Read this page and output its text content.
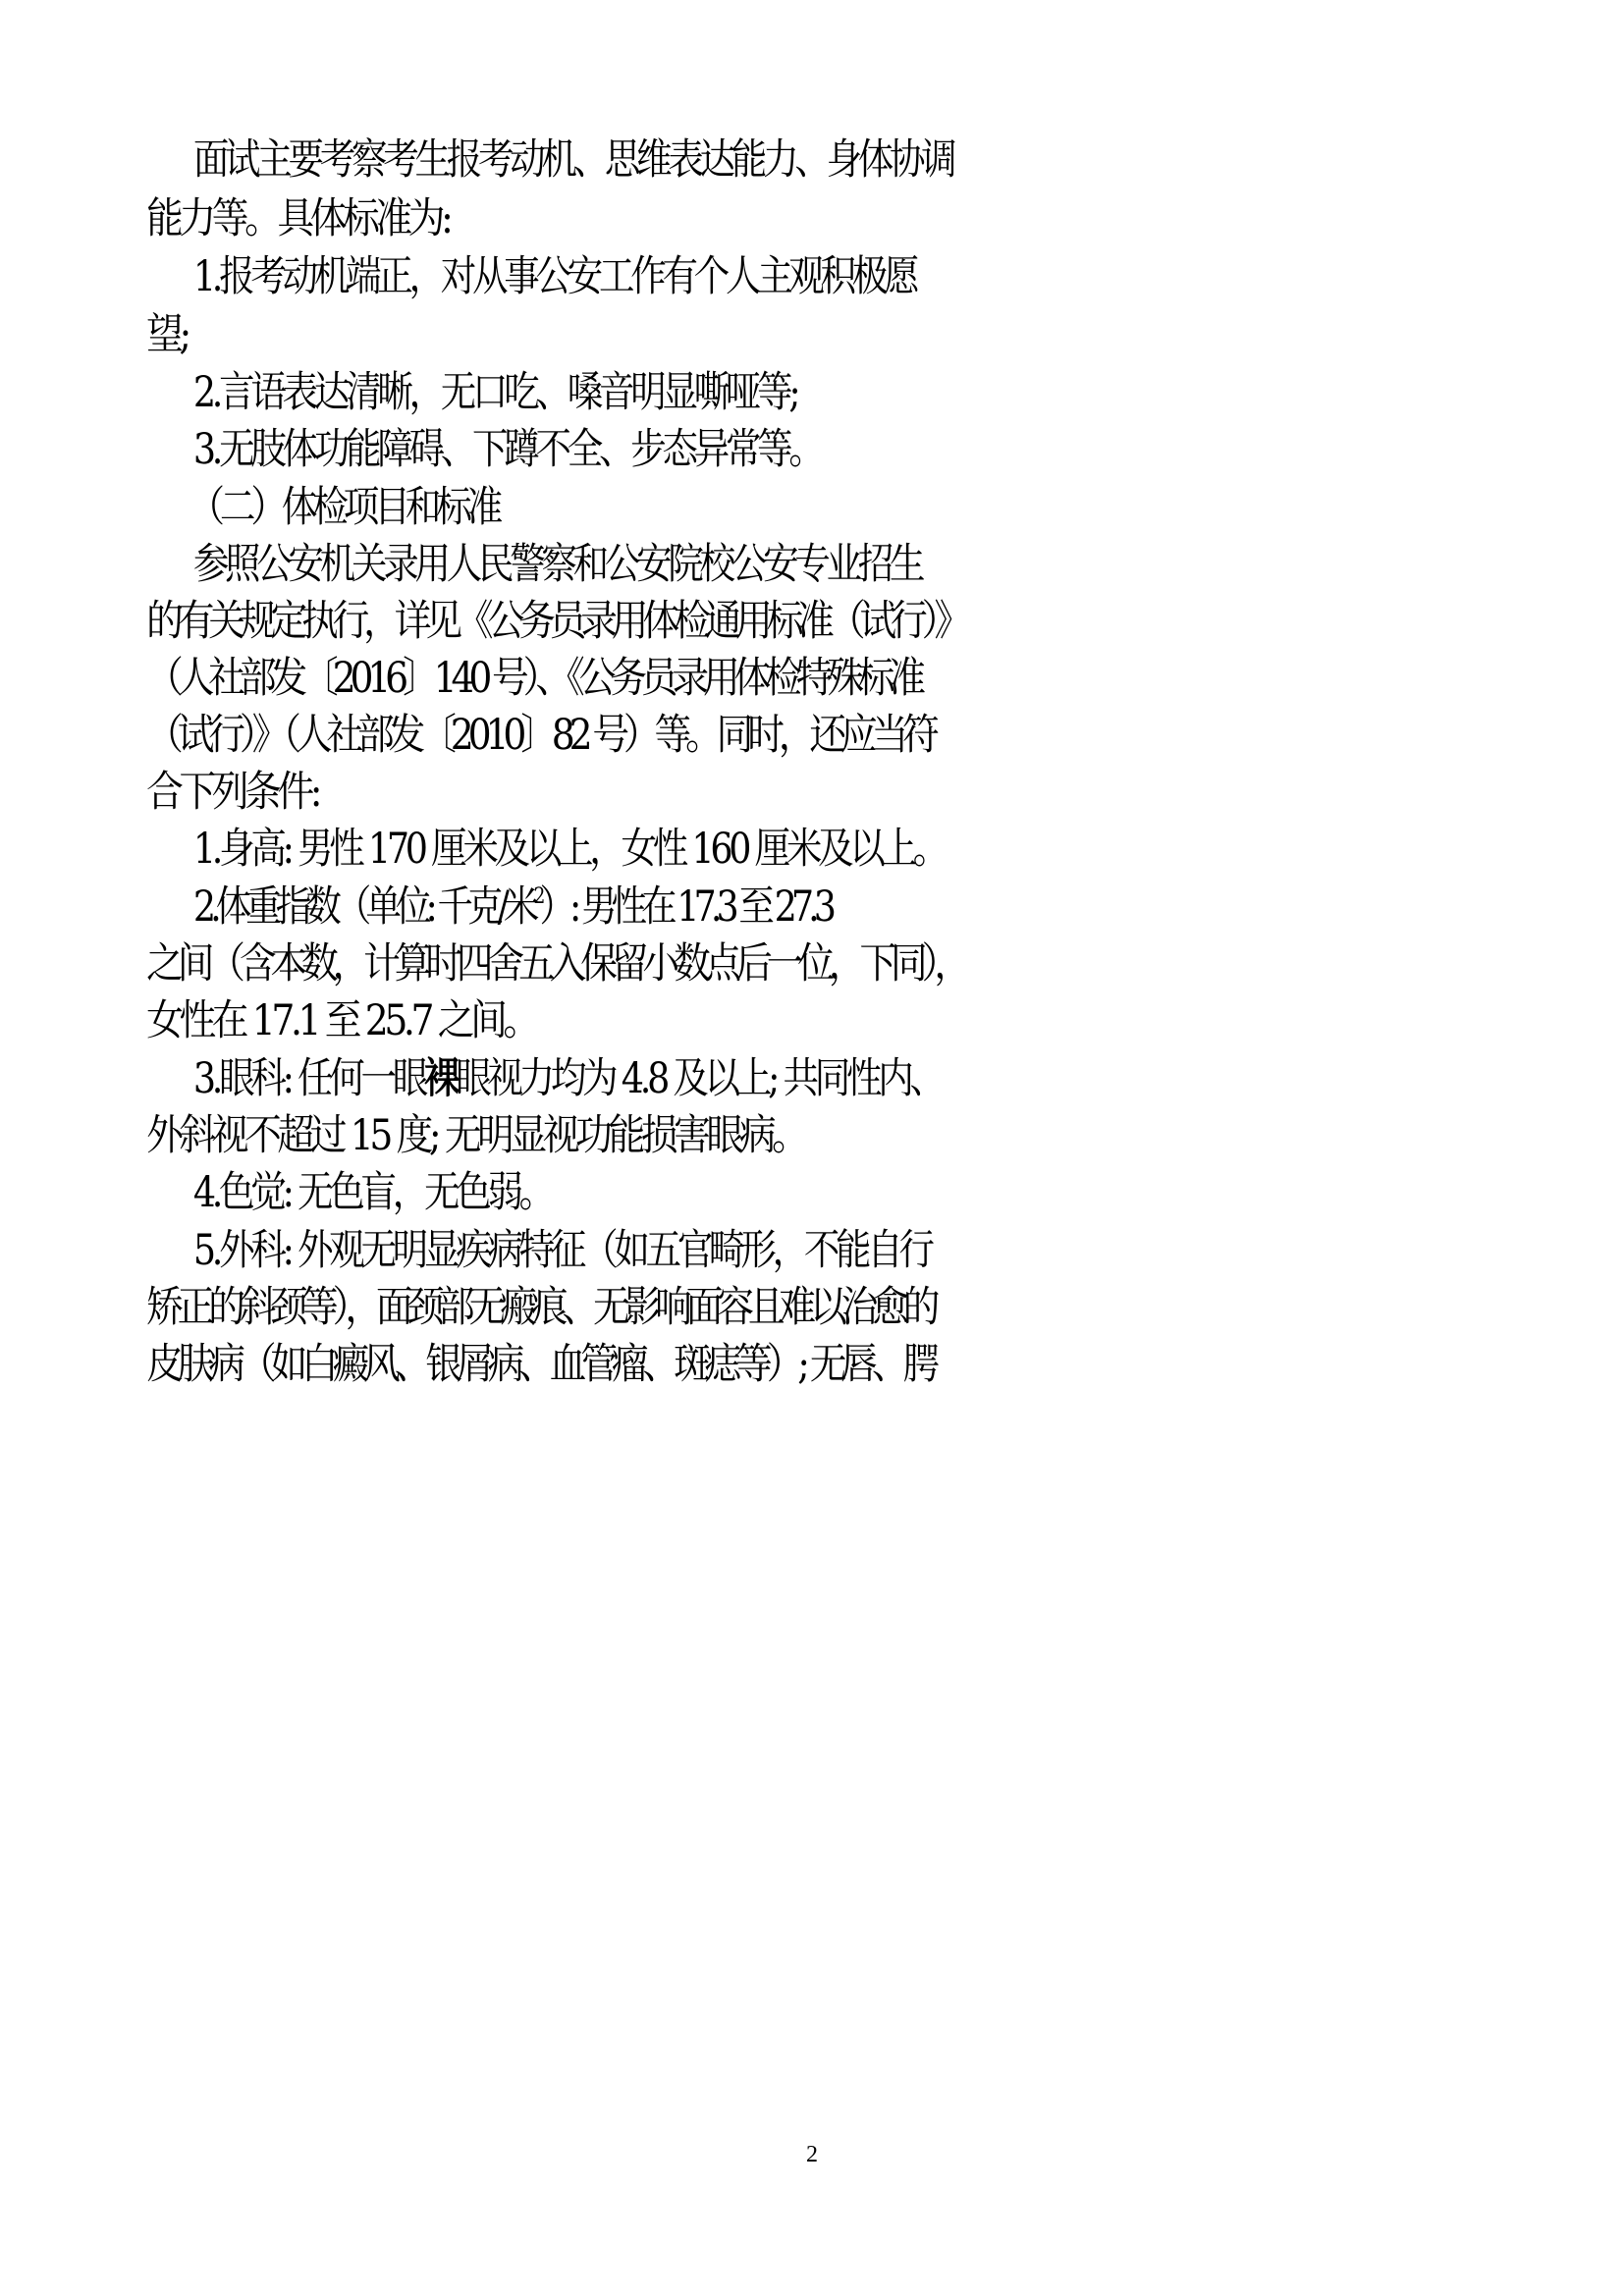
面试主要考察考生报考动机、思维表达能力、身体协调
能力等。具体标准为:
1.报考动机端正，对从事公安工作有个人主观积极愿
望;
2.言语表达清晰，无口吃、嗓音明显嘶哑等;
3.无肢体功能障碍、下蹲不全、步态异常等。
（二）体检项目和标准
参照公安机关录用人民警察和公安院校公安专业招生
的有关规定执行，详见《公务员录用体检通用标准（试行）》
（人社部发〔2016〕140 号）、《公务员录用体检特殊标准
（试行）》（人社部发〔2010〕82 号）等。同时，还应当符
合下列条件:
1.身高: 男性 170 厘米及以上，女性 160 厘米及以上。
2.体重指数（单位: 千克/米$^2$）: 男性在 17.3 至 27.3
之间（含本数，计算时四舍五入保留小数点后一位，下同），
女性在 17.1 至 25.7 之间。
3.眼科: 任何一眼裸眼视力均为 4.8 及以上; 共同性内、
外斜视不超过 15 度; 无明显视功能损害眼病。
4.色觉: 无色盲，无色弱。
5.外科: 外观无明显疾病特征（如五官畸形，不能自行
矫正的斜颈等），面颈部无瘢痕、无影响面容且难以治愈的
皮肤病（如白癜风、银屑病、血管瘤、斑痣等）; 无唇、腭
2
